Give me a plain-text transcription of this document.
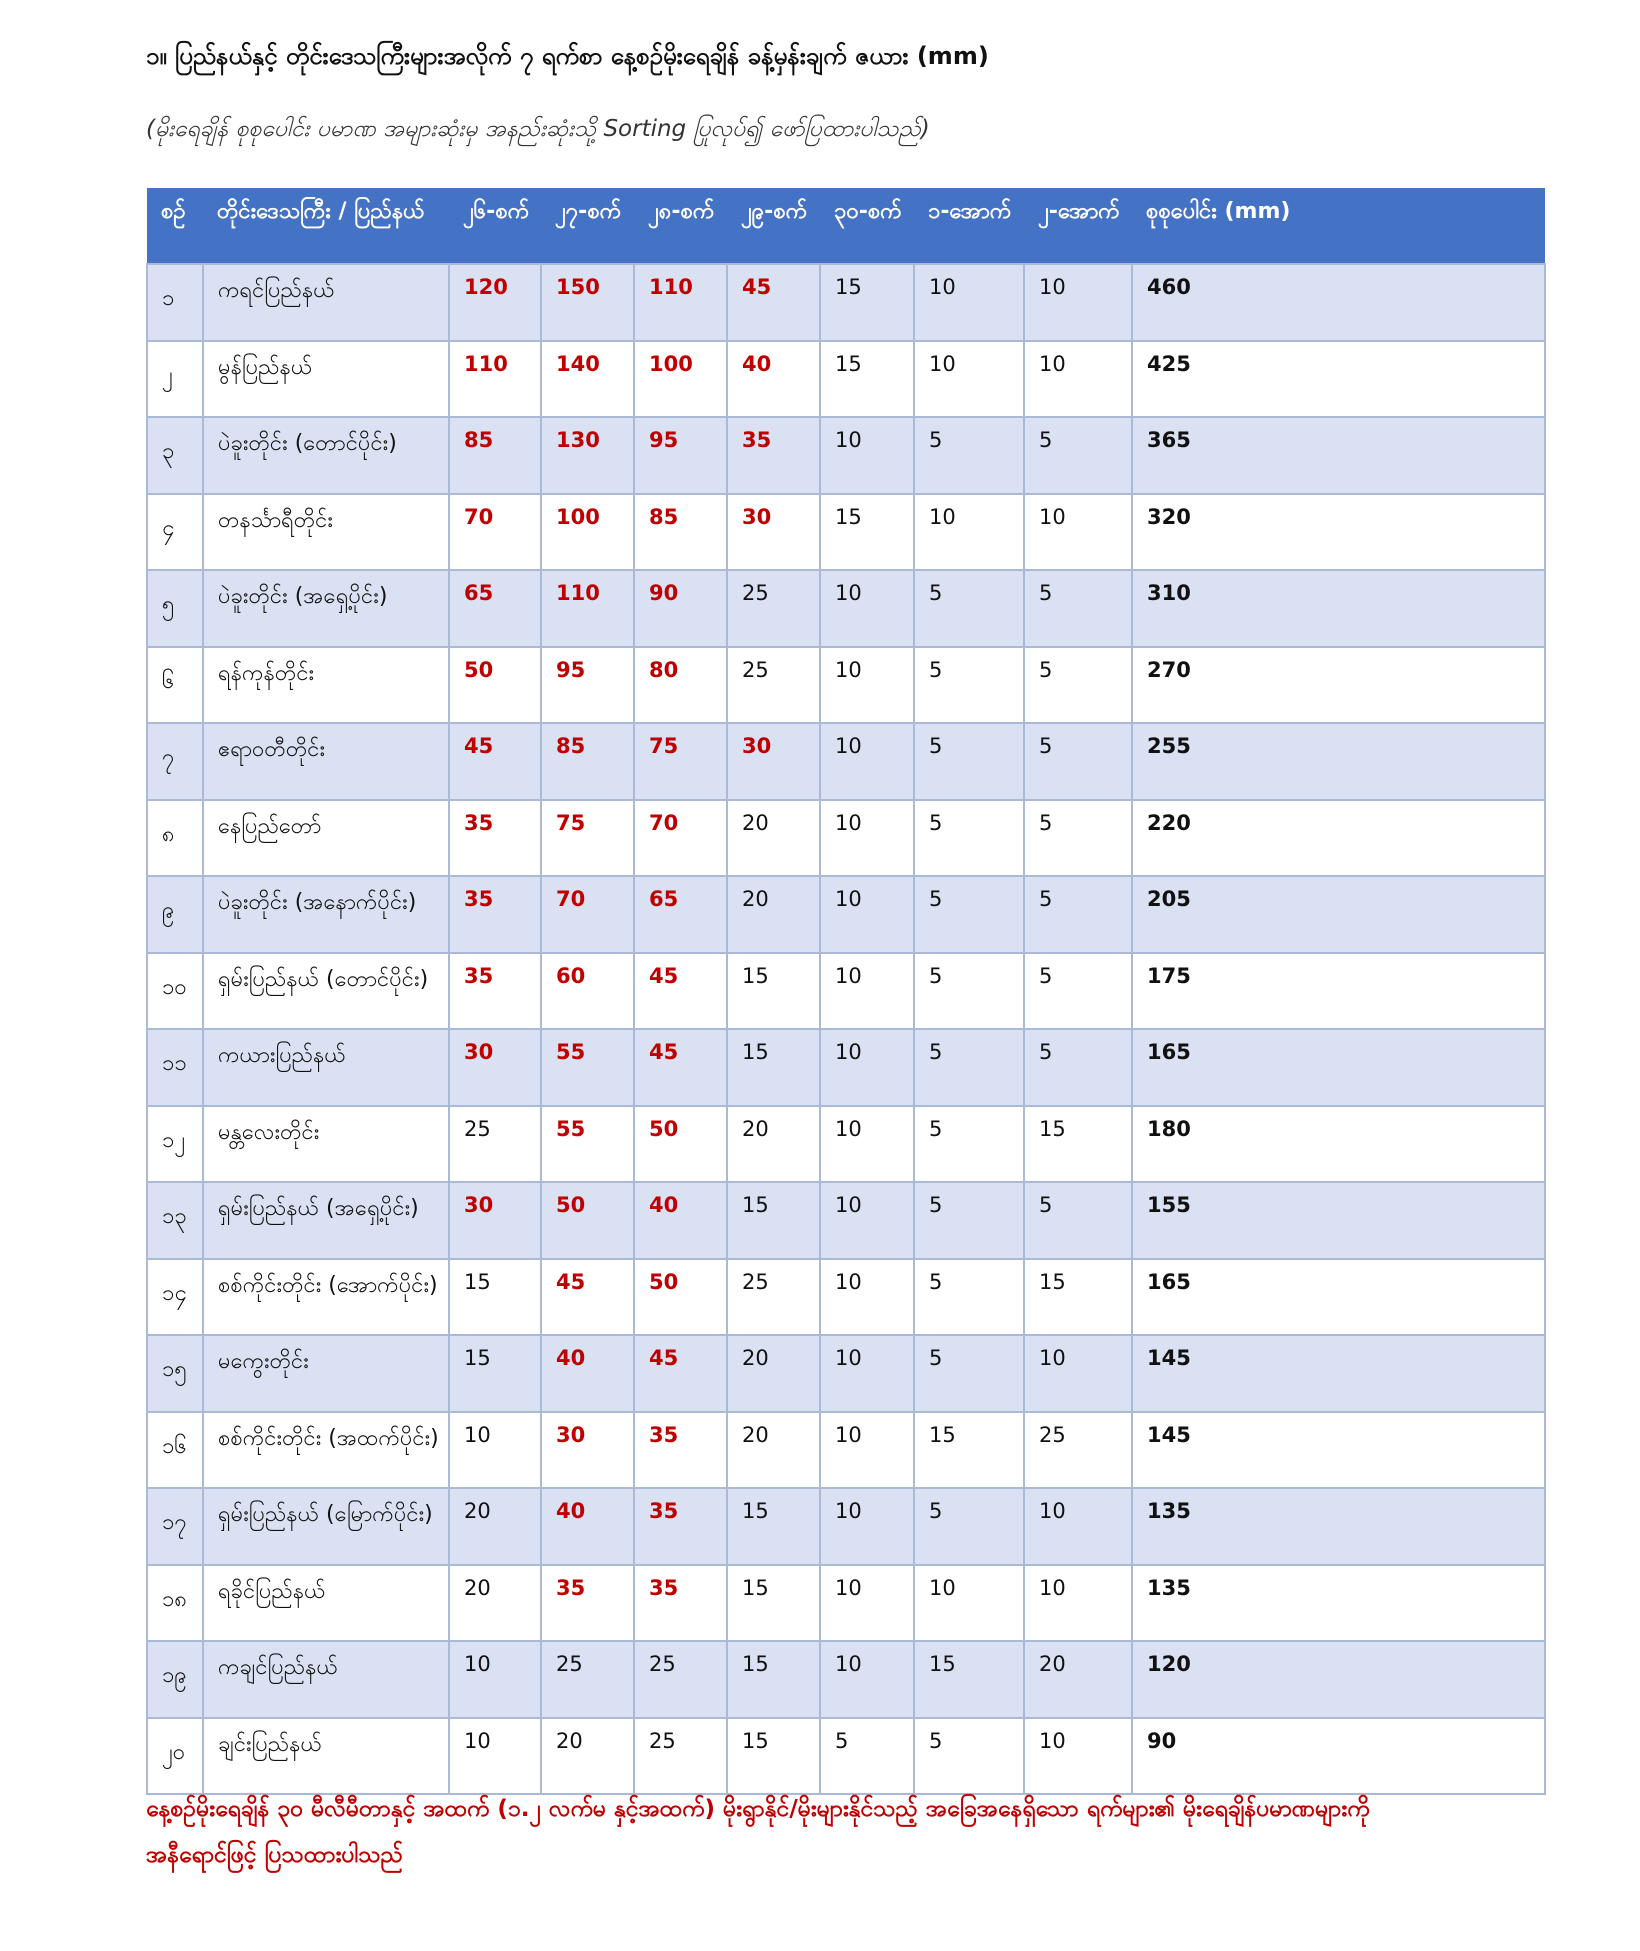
၁။ ပြည်နယ်နှင့် တိုင်းဒေသကြီးများအလိုက် ၇ ရက်စာ နေ့စဉ်မိုးရေချိန် ခန့်မှန်းချက် ဇယား (mm)
(မိုးရေချိန် စုစုပေါင်း ပမာဏ အများဆုံးမှ အနည်းဆုံးသို့ Sorting ပြုလုပ်၍ ဖော်ပြထားပါသည်)
စဉ်	တိုင်းဒေသကြီး / ပြည်နယ်	၂၆-စက်	၂၇-စက်	၂၈-စက်	၂၉-စက်	၃၀-စက်	၁-အောက်	၂-အောက်	စုစုပေါင်း (mm)
၁	ကရင်ပြည်နယ်	120	150	110	45	15	10	10	460
၂	မွန်ပြည်နယ်	110	140	100	40	15	10	10	425
၃	ပဲခူးတိုင်း (တောင်ပိုင်း)	85	130	95	35	10	5	5	365
၄	တနင်္သာရီတိုင်း	70	100	85	30	15	10	10	320
၅	ပဲခူးတိုင်း (အရှေ့ပိုင်း)	65	110	90	25	10	5	5	310
၆	ရန်ကုန်တိုင်း	50	95	80	25	10	5	5	270
၇	ဧရာဝတီတိုင်း	45	85	75	30	10	5	5	255
၈	နေပြည်တော်	35	75	70	20	10	5	5	220
၉	ပဲခူးတိုင်း (အနောက်ပိုင်း)	35	70	65	20	10	5	5	205
၁၀	ရှမ်းပြည်နယ် (တောင်ပိုင်း)	35	60	45	15	10	5	5	175
၁၁	ကယားပြည်နယ်	30	55	45	15	10	5	5	165
၁၂	မန္တလေးတိုင်း	25	55	50	20	10	5	15	180
၁၃	ရှမ်းပြည်နယ် (အရှေ့ပိုင်း)	30	50	40	15	10	5	5	155
၁၄	စစ်ကိုင်းတိုင်း (အောက်ပိုင်း)	15	45	50	25	10	5	15	165
၁၅	မကွေးတိုင်း	15	40	45	20	10	5	10	145
၁၆	စစ်ကိုင်းတိုင်း (အထက်ပိုင်း)	10	30	35	20	10	15	25	145
၁၇	ရှမ်းပြည်နယ် (မြောက်ပိုင်း)	20	40	35	15	10	5	10	135
၁၈	ရခိုင်ပြည်နယ်	20	35	35	15	10	10	10	135
၁၉	ကချင်ပြည်နယ်	10	25	25	15	10	15	20	120
၂၀	ချင်းပြည်နယ်	10	20	25	15	5	5	10	90
နေ့စဉ်မိုးရေချိန် ၃၀ မီလီမီတာနှင့် အထက် (၁.၂ လက်မ နှင့်အထက်) မိုးရွာနိုင်/မိုးများနိုင်သည့် အခြေအနေရှိသော ရက်များ၏ မိုးရေချိန်ပမာဏများကို
အနီရောင်ဖြင့် ပြသထားပါသည်
